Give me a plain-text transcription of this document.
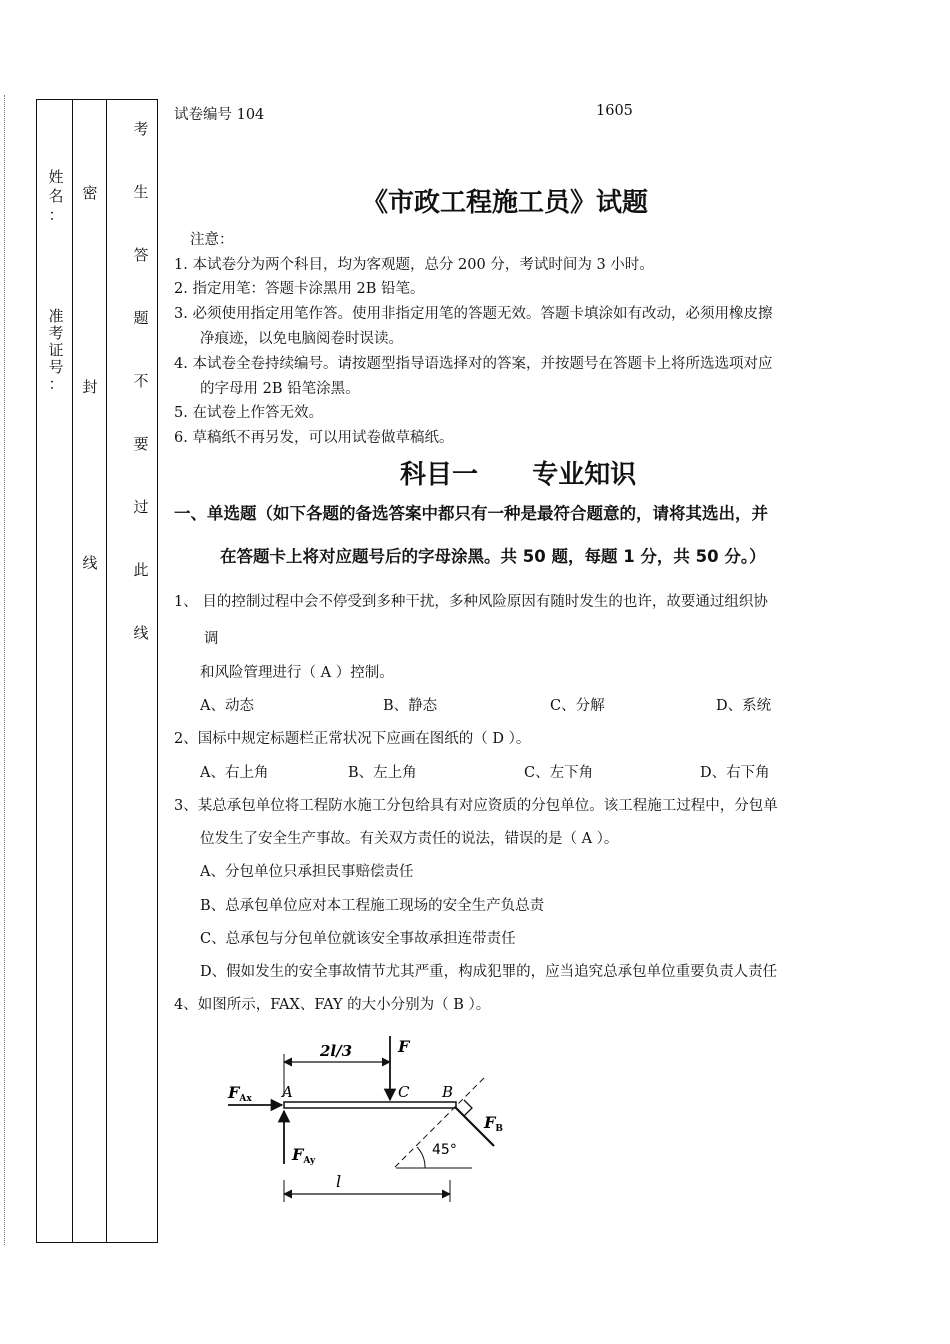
姓
名
：
准
考
证
号
：
密
封
线
考
生
答
题
不
要
过
此
线
试卷编号 104	1605
《市政工程施工员》试题
注意：
1. 本试卷分为两个科目，均为客观题，总分 200 分，考试时间为 3 小时。
2. 指定用笔：答题卡涂黑用 2B 铅笔。
3. 必须使用指定用笔作答。使用非指定用笔的答题无效。答题卡填涂如有改动，必须用橡皮擦
净痕迹，以免电脑阅卷时误读。
4. 本试卷全卷持续编号。请按题型指导语选择对的答案，并按题号在答题卡上将所选选项对应
的字母用 2B 铅笔涂黑。
5. 在试卷上作答无效。
6. 草稿纸不再另发，可以用试卷做草稿纸。
科目一      专业知识
一、单选题（如下各题的备选答案中都只有一种是最符合题意的，请将其选出，并
在答题卡上将对应题号后的字母涂黑。共 50 题，每题 1 分，共 50 分。）
1、 目的控制过程中会不停受到多种干扰，多种风险原因有随时发生的也许，故要通过组织协
调
和风险管理进行（ A ）控制。
A、动态	B、静态	C、分解	D、系统
2、国标中规定标题栏正常状况下应画在图纸的（ D ）。
A、右上角	B、左上角	C、左下角	D、右下角
3、某总承包单位将工程防水施工分包给具有对应资质的分包单位。该工程施工过程中，分包单
位发生了安全生产事故。有关双方责任的说法，错误的是（ A ）。
A、分包单位只承担民事赔偿责任
B、总承包单位应对本工程施工现场的安全生产负总责
C、总承包与分包单位就该安全事故承担连带责任
D、假如发生的安全事故情节尤其严重，构成犯罪的，应当追究总承包单位重要负责人责任
4、如图所示，FAX、FAY 的大小分别为（ B ）。
2l/3	F
A	C B
FAx
FAy
45°
FB
l
